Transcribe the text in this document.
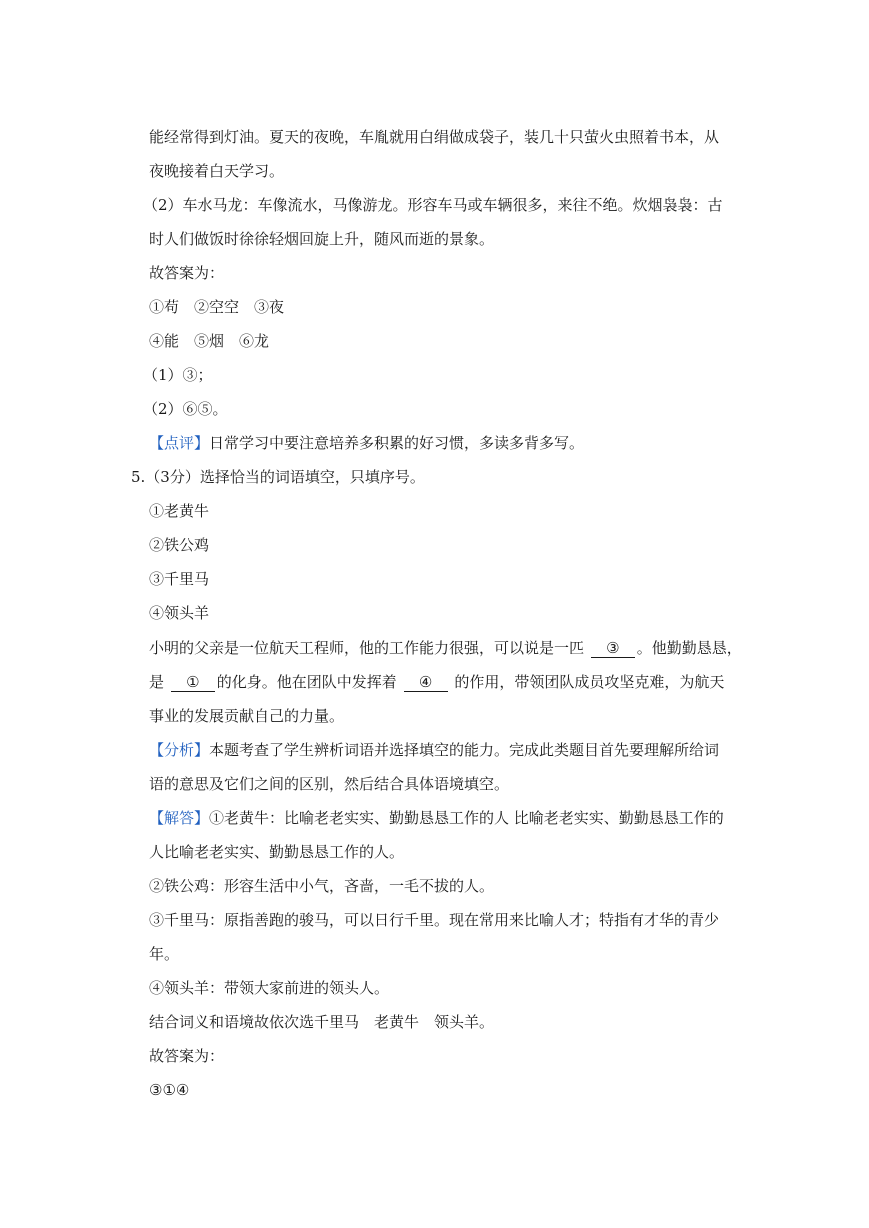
能经常得到灯油。夏天的夜晚，车胤就用白绢做成袋子，装几十只萤火虫照着书本，从
夜晚接着白天学习。
（2）车水马龙：车像流水，马像游龙。形容车马或车辆很多，来往不绝。炊烟袅袅：古
时人们做饭时徐徐轻烟回旋上升，随风而逝的景象。
故答案为：
①苟　②空空　③夜
④能　⑤烟　⑥龙
（1）③；
（2）⑥⑤。
【点评】日常学习中要注意培养多积累的好习惯，多读多背多写。
5.（3分）选择恰当的词语填空，只填序号。
①老黄牛
②铁公鸡
③千里马
④领头羊
小明的父亲是一位航天工程师，他的工作能力很强，可以说是一匹 ③ 。他勤勤恳恳，
是 ① 的化身。他在团队中发挥着 ④ 的作用，带领团队成员攻坚克难，为航天
事业的发展贡献自己的力量。
【分析】本题考查了学生辨析词语并选择填空的能力。完成此类题目首先要理解所给词
语的意思及它们之间的区别，然后结合具体语境填空。
【解答】①老黄牛：比喻老老实实、勤勤恳恳工作的人 比喻老老实实、勤勤恳恳工作的
人比喻老老实实、勤勤恳恳工作的人。
②铁公鸡：形容生活中小气，吝啬，一毛不拔的人。
③千里马：原指善跑的骏马，可以日行千里。现在常用来比喻人才；特指有才华的青少
年。
④领头羊：带领大家前进的领头人。
结合词义和语境故依次选千里马　老黄牛　领头羊。
故答案为：
③①④
